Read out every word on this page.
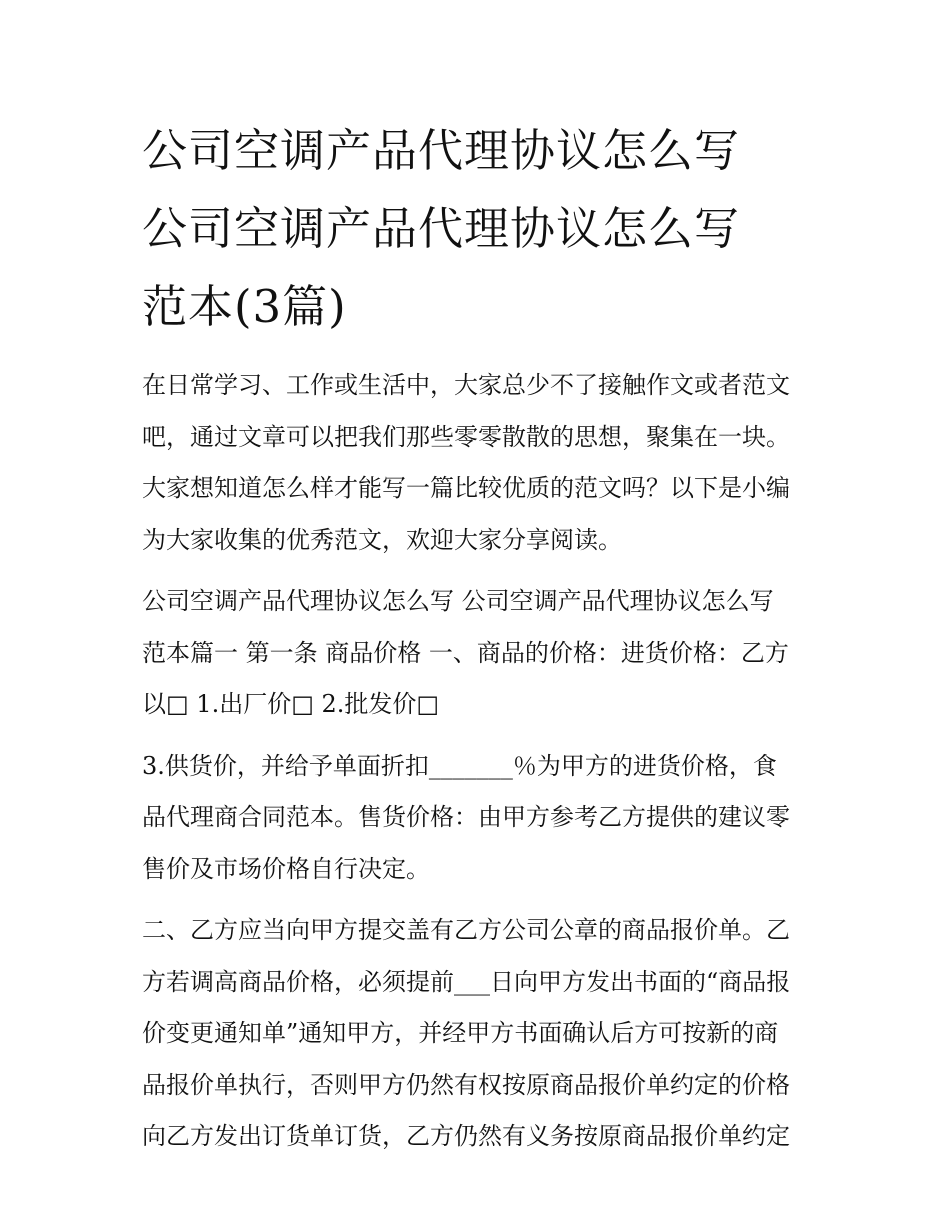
公司空调产品代理协议怎么写
公司空调产品代理协议怎么写
范本(3篇)

在日常学习、工作或生活中，大家总少不了接触作文或者范文
吧，通过文章可以把我们那些零零散散的思想，聚集在一块。
大家想知道怎么样才能写一篇比较优质的范文吗？以下是小编
为大家收集的优秀范文，欢迎大家分享阅读。

公司空调产品代理协议怎么写 公司空调产品代理协议怎么写
范本篇一 第一条 商品价格 一、商品的价格：进货价格：乙方
以□ 1.出厂价□ 2.批发价□

3.供货价，并给予单面折扣_______％为甲方的进货价格，食
品代理商合同范本。售货价格：由甲方参考乙方提供的建议零
售价及市场价格自行决定。

二、乙方应当向甲方提交盖有乙方公司公章的商品报价单。乙
方若调高商品价格，必须提前___日向甲方发出书面的“商品报
价变更通知单”通知甲方，并经甲方书面确认后方可按新的商
品报价单执行，否则甲方仍然有权按原商品报价单约定的价格
向乙方发出订货单订货，乙方仍然有义务按原商品报价单约定
